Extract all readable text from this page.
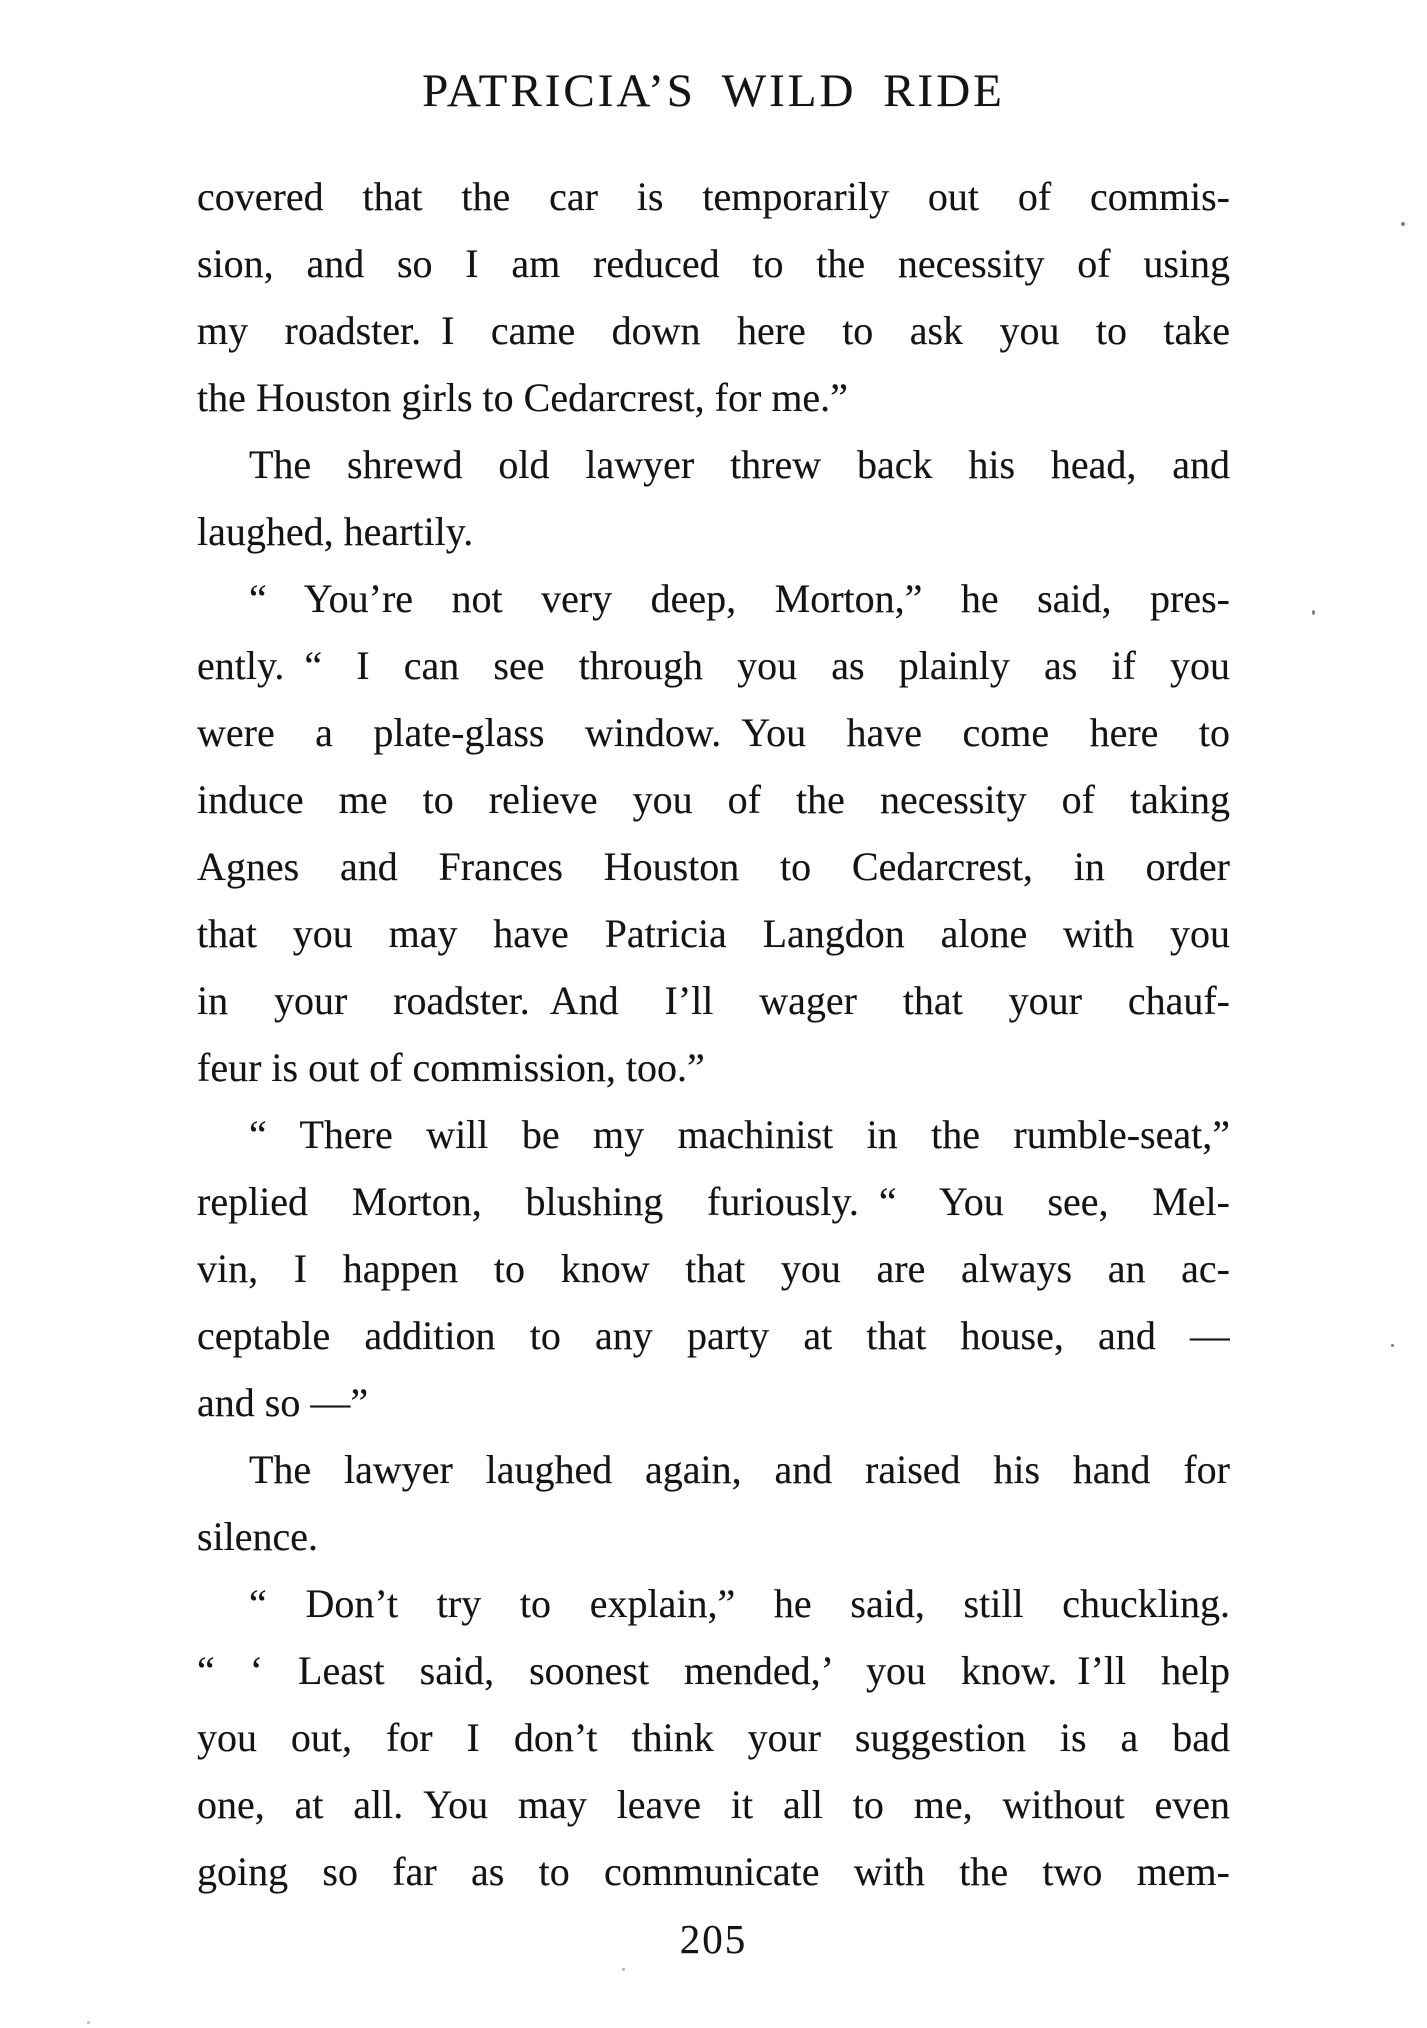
PATRICIA’S WILD RIDE
covered that the car is temporarily out of commis-
sion, and so I am reduced to the necessity of using
my roadster. I came down here to ask you to take
the Houston girls to Cedarcrest, for me.”
The shrewd old lawyer threw back his head, and
laughed, heartily.
“ You’re not very deep, Morton,” he said, pres-
ently. “ I can see through you as plainly as if you
were a plate-glass window. You have come here to
induce me to relieve you of the necessity of taking
Agnes and Frances Houston to Cedarcrest, in order
that you may have Patricia Langdon alone with you
in your roadster. And I’ll wager that your chauf-
feur is out of commission, too.”
“ There will be my machinist in the rumble-seat,”
replied Morton, blushing furiously. “ You see, Mel-
vin, I happen to know that you are always an ac-
ceptable addition to any party at that house, and —
and so —”
The lawyer laughed again, and raised his hand for
silence.
“ Don’t try to explain,” he said, still chuckling.
“ ‘ Least said, soonest mended,’ you know. I’ll help
you out, for I don’t think your suggestion is a bad
one, at all. You may leave it all to me, without even
going so far as to communicate with the two mem-
205
